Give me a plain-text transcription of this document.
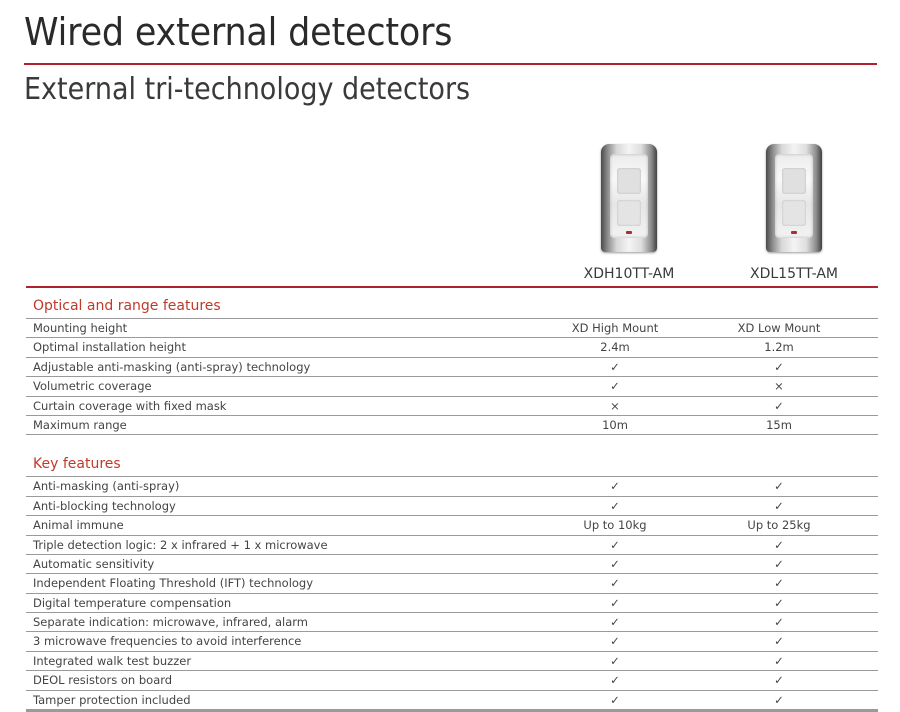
Wired external detectors
External tri-technology detectors
XDH10TT-AM	XDL15TT-AM
Optical and range features
Mounting height	XD High Mount	XD Low Mount
Optimal installation height	2.4m	1.2m
Adjustable anti-masking (anti-spray) technology	✓	✓
Volumetric coverage	✓	×
Curtain coverage with fixed mask	×	✓
Maximum range	10m	15m
Key features
Anti-masking (anti-spray)	✓	✓
Anti-blocking technology	✓	✓
Animal immune	Up to 10kg	Up to 25kg
Triple detection logic: 2 x infrared + 1 x microwave	✓	✓
Automatic sensitivity	✓	✓
Independent Floating Threshold (IFT) technology	✓	✓
Digital temperature compensation	✓	✓
Separate indication: microwave, infrared, alarm	✓	✓
3 microwave frequencies to avoid interference	✓	✓
Integrated walk test buzzer	✓	✓
DEOL resistors on board	✓	✓
Tamper protection included	✓	✓
